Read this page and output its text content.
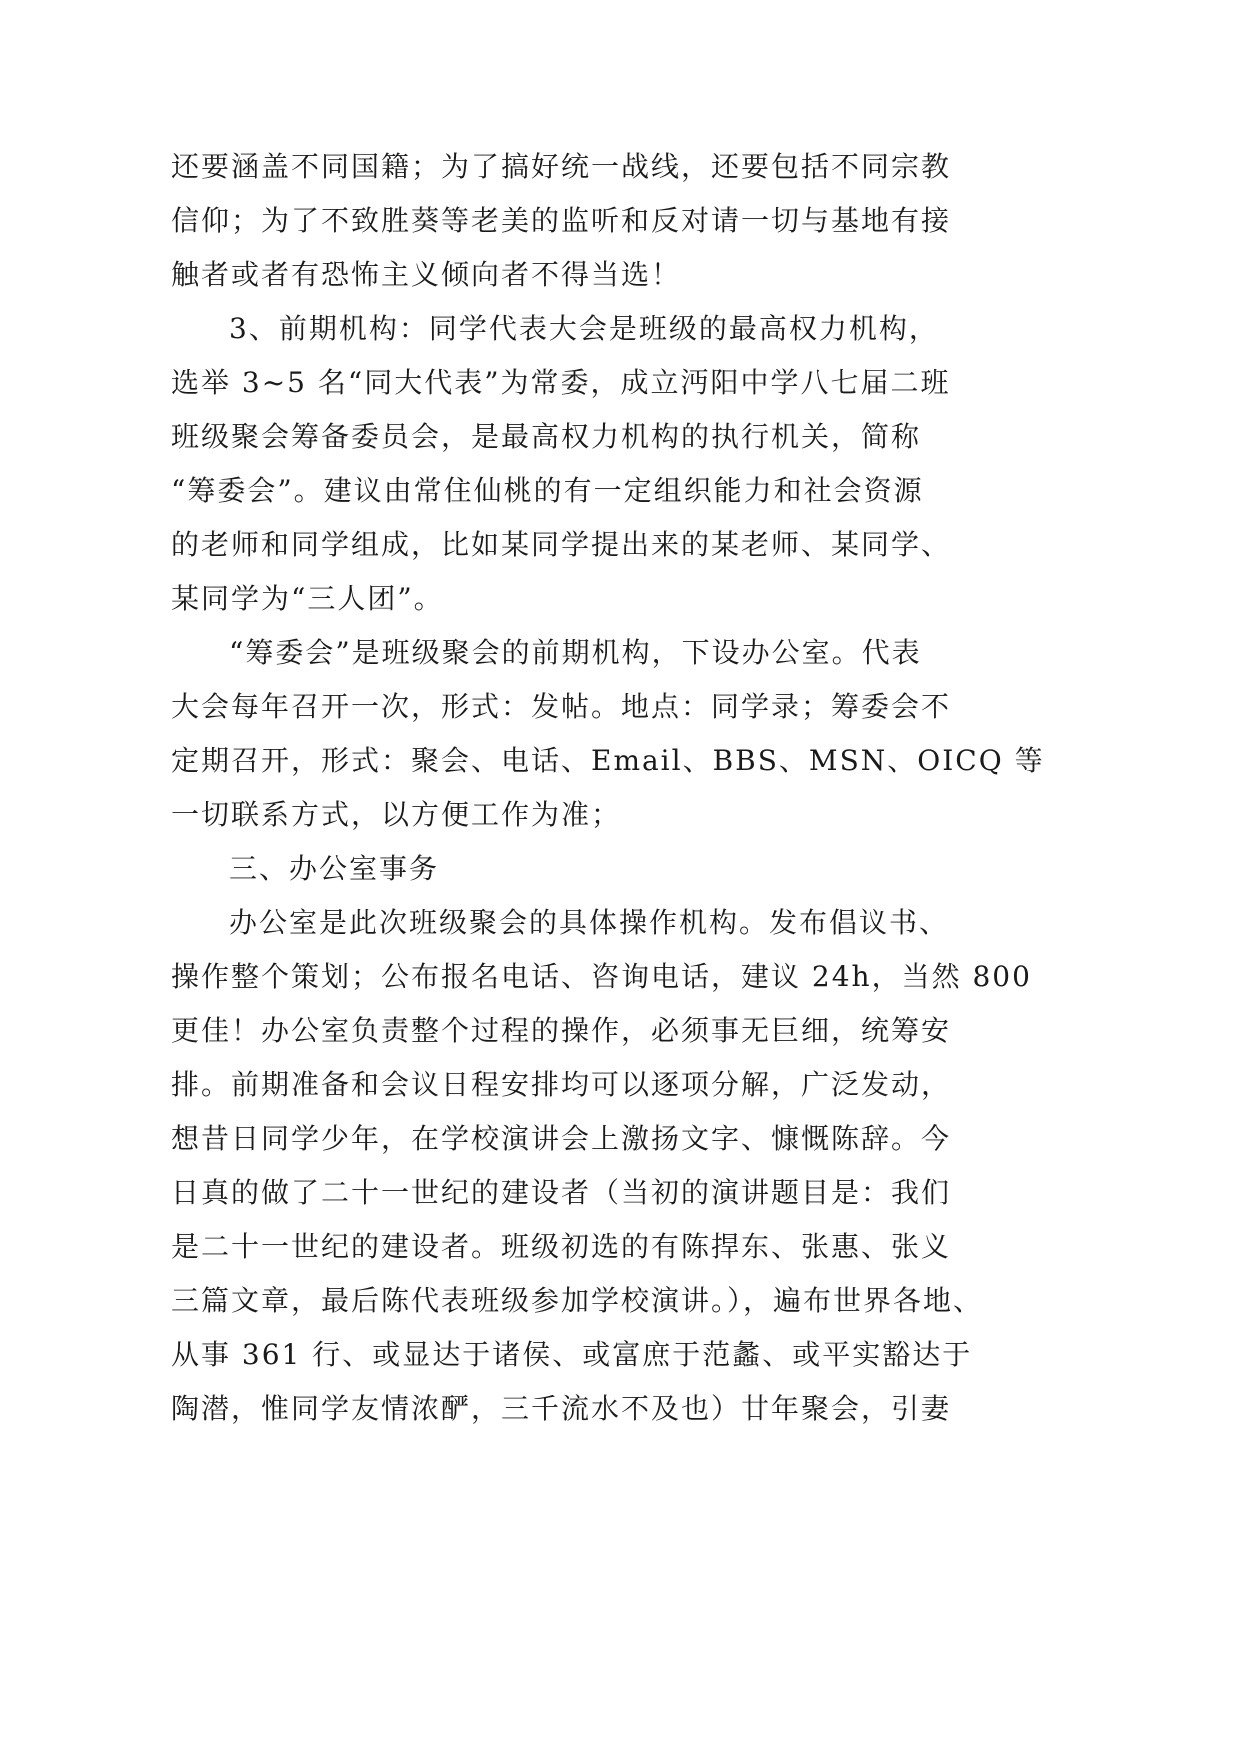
还要涵盖不同国籍；为了搞好统一战线，还要包括不同宗教
信仰；为了不致胜葵等老美的监听和反对请一切与基地有接
触者或者有恐怖主义倾向者不得当选！
3、前期机构：同学代表大会是班级的最高权力机构，
选举 3~5 名“同大代表”为常委，成立沔阳中学八七届二班
班级聚会筹备委员会，是最高权力机构的执行机关，简称
“筹委会”。建议由常住仙桃的有一定组织能力和社会资源
的老师和同学组成，比如某同学提出来的某老师、某同学、
某同学为“三人团”。
“筹委会”是班级聚会的前期机构，下设办公室。代表
大会每年召开一次，形式：发帖。地点：同学录；筹委会不
定期召开，形式：聚会、电话、Email、BBS、MSN、OICQ 等
一切联系方式，以方便工作为准；
三、办公室事务
办公室是此次班级聚会的具体操作机构。发布倡议书、
操作整个策划；公布报名电话、咨询电话，建议 24h，当然 800
更佳！办公室负责整个过程的操作，必须事无巨细，统筹安
排。前期准备和会议日程安排均可以逐项分解，广泛发动，
想昔日同学少年，在学校演讲会上激扬文字、慷慨陈辞。今
日真的做了二十一世纪的建设者（当初的演讲题目是：我们
是二十一世纪的建设者。班级初选的有陈捍东、张惠、张义
三篇文章，最后陈代表班级参加学校演讲。），遍布世界各地、
从事 361 行、或显达于诸侯、或富庶于范蠡、或平实豁达于
陶潜，惟同学友情浓酽，三千流水不及也）廿年聚会，引妻
